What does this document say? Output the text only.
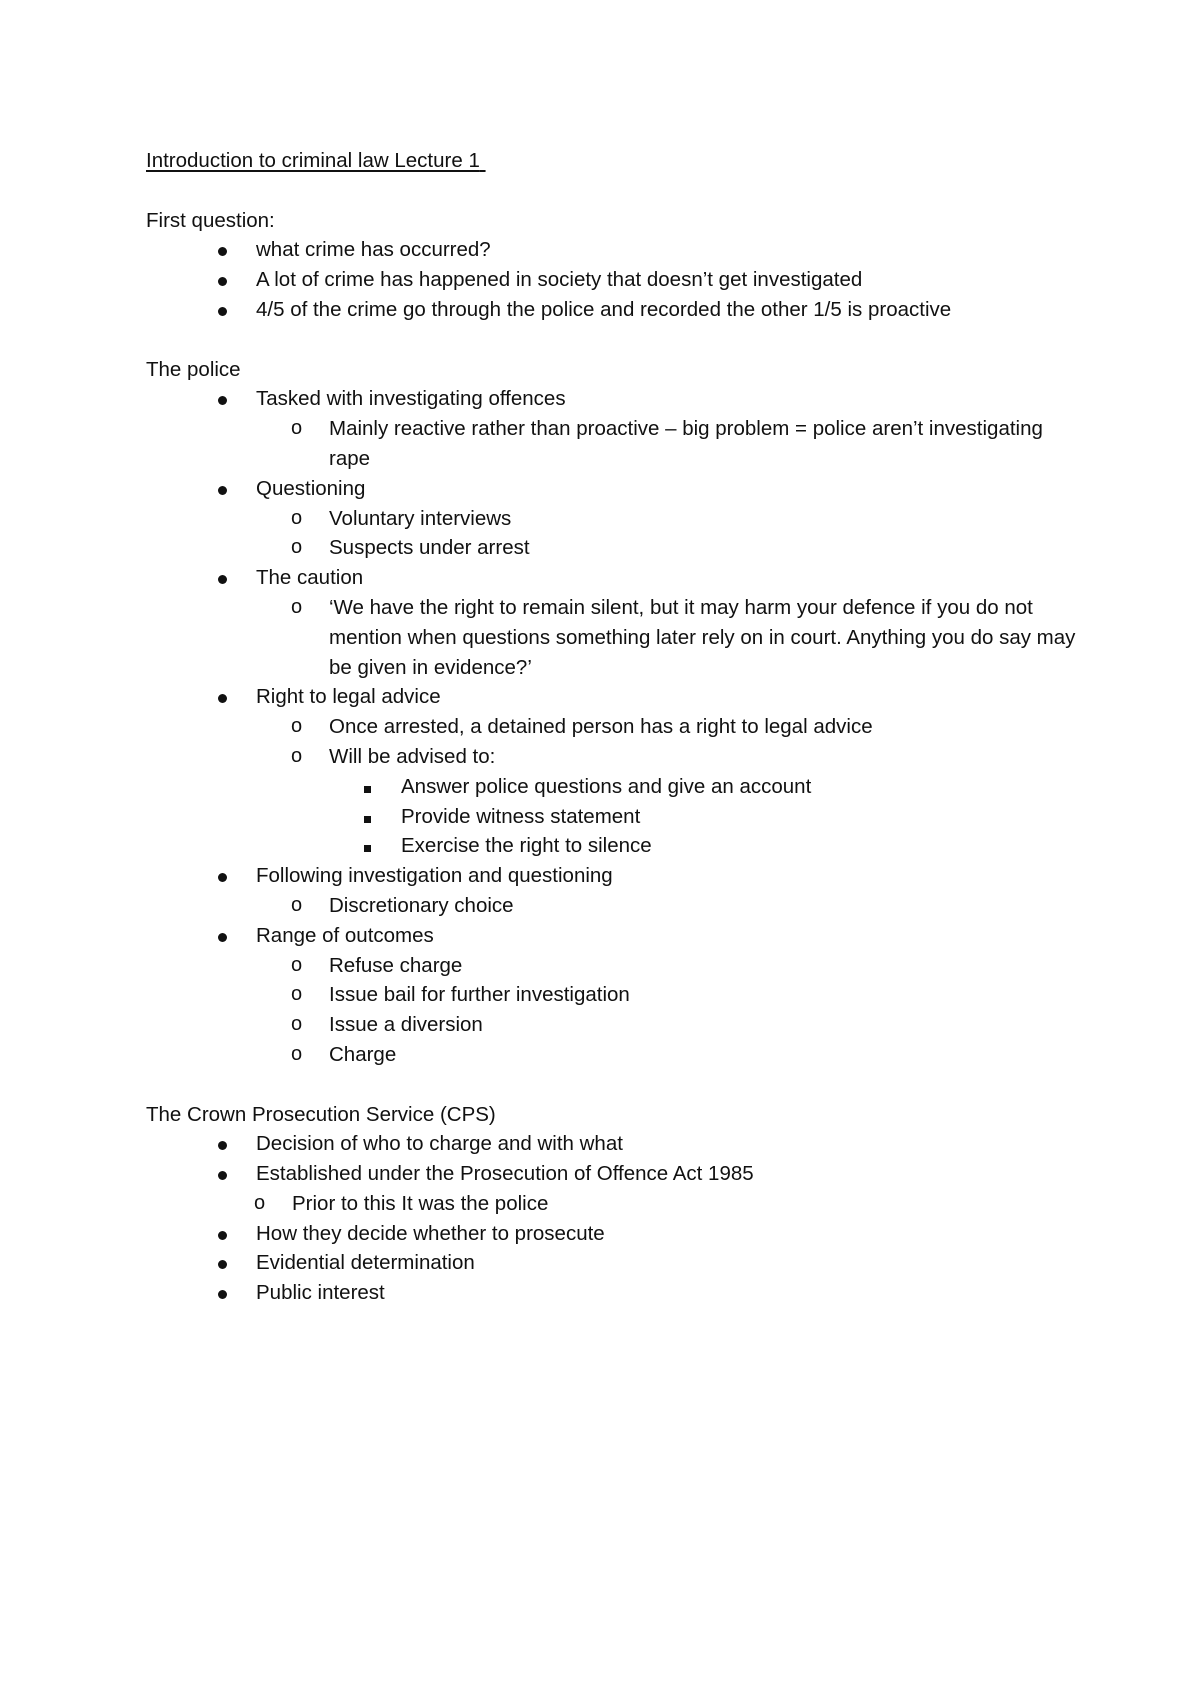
Introduction to criminal law Lecture 1

First question:

what crime has occurred?
A lot of crime has happened in society that doesn’t get investigated
4/5 of the crime go through the police and recorded the other 1/5 is proactive

The police

Tasked with investigating offences
o Mainly reactive rather than proactive – big problem = police aren’t investigating rape
Questioning
o Voluntary interviews
o Suspects under arrest
The caution
o ‘We have the right to remain silent, but it may harm your defence if you do not mention when questions something later rely on in court. Anything you do say may be given in evidence?’
Right to legal advice
o Once arrested, a detained person has a right to legal advice
o Will be advised to:
Answer police questions and give an account
Provide witness statement
Exercise the right to silence
Following investigation and questioning
o Discretionary choice
Range of outcomes
o Refuse charge
o Issue bail for further investigation
o Issue a diversion
o Charge

The Crown Prosecution Service (CPS)

Decision of who to charge and with what
Established under the Prosecution of Offence Act 1985
o Prior to this It was the police
How they decide whether to prosecute
Evidential determination
Public interest
